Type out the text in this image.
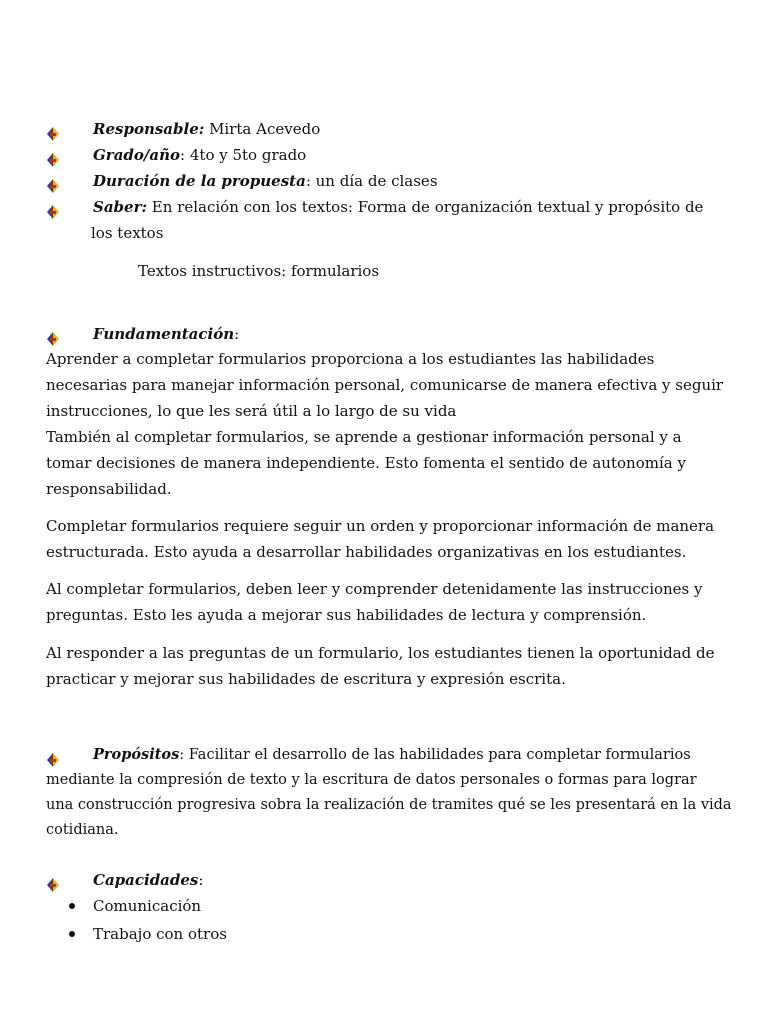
Responsable: Mirta Acevedo
Grado/año: 4to y 5to grado
Duración de la propuesta: un día de clases
Saber: En relación con los textos: Forma de organización textual y propósito de
los textos
Textos instructivos: formularios
Fundamentación:
Aprender a completar formularios proporciona a los estudiantes las habilidades
necesarias para manejar información personal, comunicarse de manera efectiva y seguir
instrucciones, lo que les será útil a lo largo de su vida
También al completar formularios, se aprende a gestionar información personal y a
tomar decisiones de manera independiente. Esto fomenta el sentido de autonomía y
responsabilidad.
Completar formularios requiere seguir un orden y proporcionar información de manera
estructurada. Esto ayuda a desarrollar habilidades organizativas en los estudiantes.
Al completar formularios, deben leer y comprender detenidamente las instrucciones y
preguntas. Esto les ayuda a mejorar sus habilidades de lectura y comprensión.
Al responder a las preguntas de un formulario, los estudiantes tienen la oportunidad de
practicar y mejorar sus habilidades de escritura y expresión escrita.
Propósitos: Facilitar el desarrollo de las habilidades para completar formularios
mediante la compresión de texto y la escritura de datos personales o formas para lograr
una construcción progresiva sobra la realización de tramites qué se les presentará en la vida
cotidiana.
Capacidades:
Comunicación
Trabajo con otros
